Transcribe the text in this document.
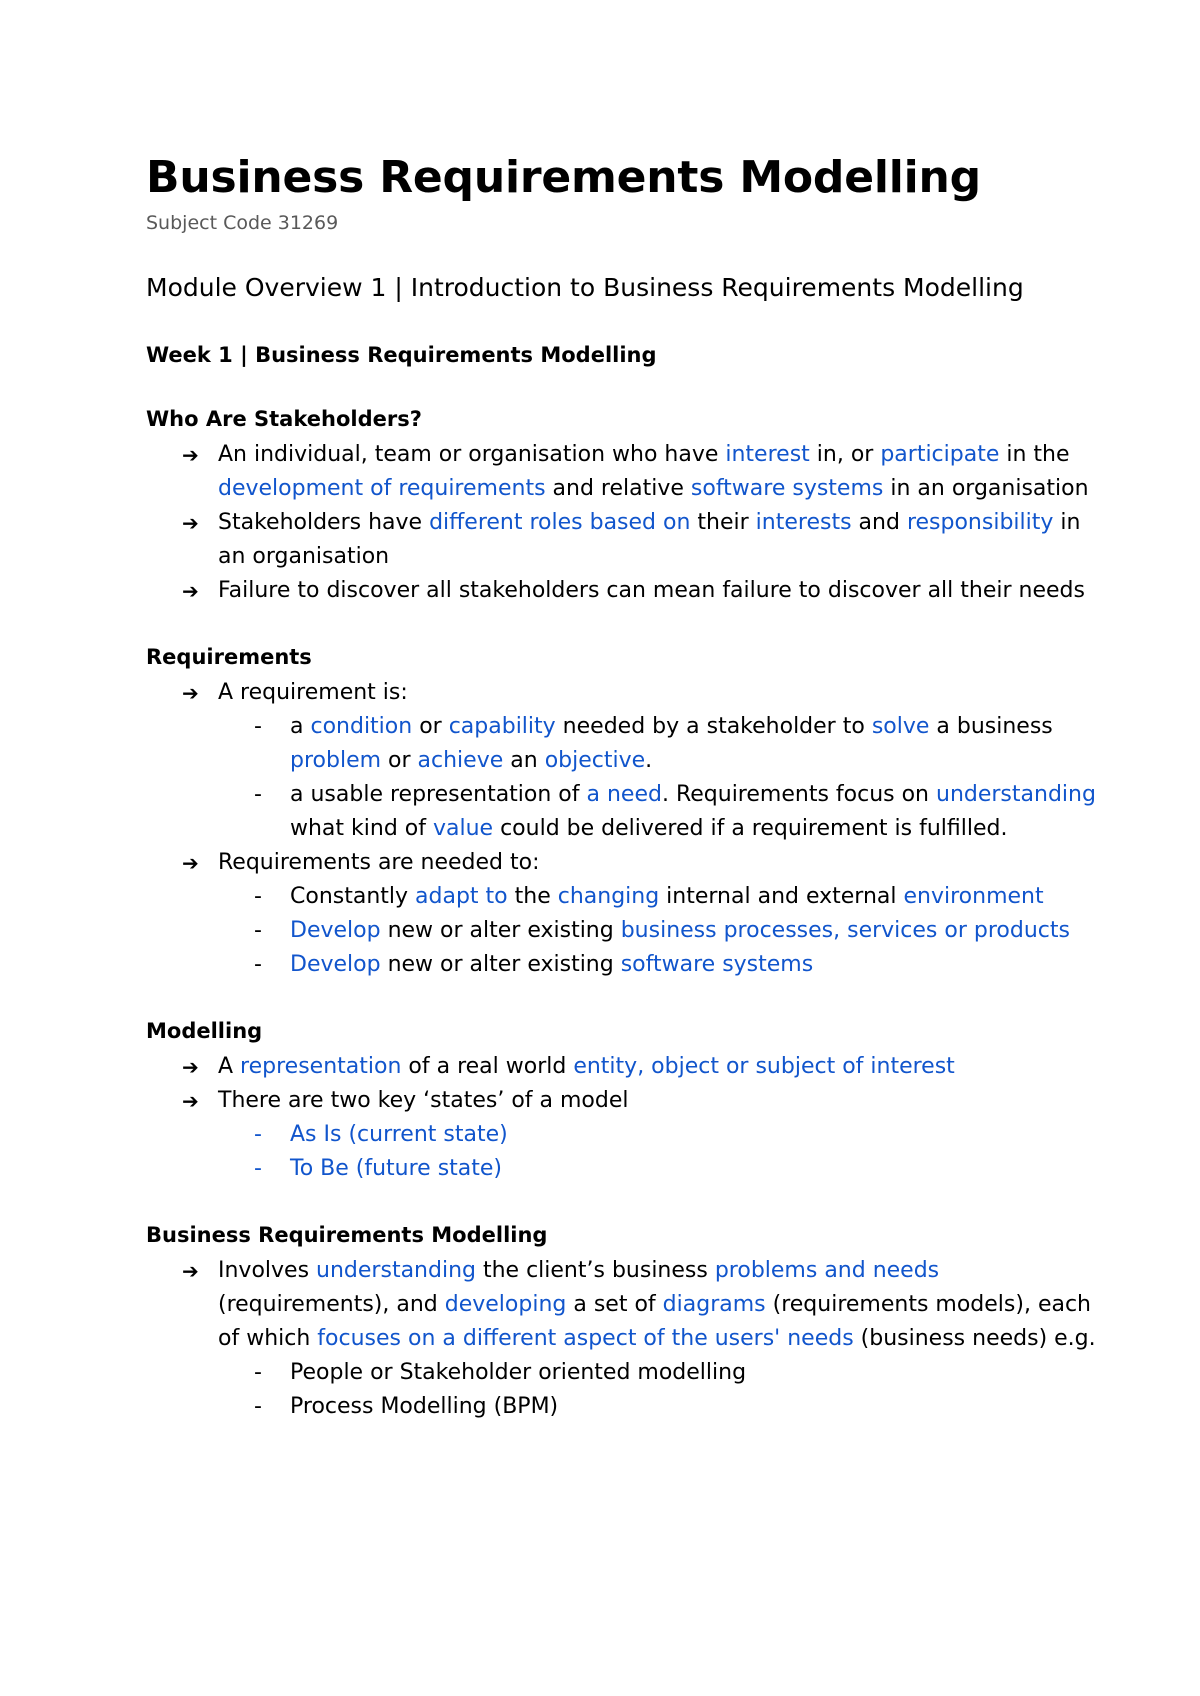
Business Requirements Modelling
Subject Code 31269
Module Overview 1 | Introduction to Business Requirements Modelling
Week 1 | Business Requirements Modelling
Who Are Stakeholders?
➔ An individual, team or organisation who have interest in, or participate in the development of requirements and relative software systems in an organisation
➔ Stakeholders have different roles based on their interests and responsibility in an organisation
➔ Failure to discover all stakeholders can mean failure to discover all their needs
Requirements
➔ A requirement is:
- a condition or capability needed by a stakeholder to solve a business problem or achieve an objective.
- a usable representation of a need. Requirements focus on understanding what kind of value could be delivered if a requirement is fulfilled.
➔ Requirements are needed to:
- Constantly adapt to the changing internal and external environment
- Develop new or alter existing business processes, services or products
- Develop new or alter existing software systems
Modelling
➔ A representation of a real world entity, object or subject of interest
➔ There are two key ‘states’ of a model
- As Is (current state)
- To Be (future state)
Business Requirements Modelling
➔ Involves understanding the client’s business problems and needs (requirements), and developing a set of diagrams (requirements models), each of which focuses on a different aspect of the users' needs (business needs) e.g.
- People or Stakeholder oriented modelling
- Process Modelling (BPM)
